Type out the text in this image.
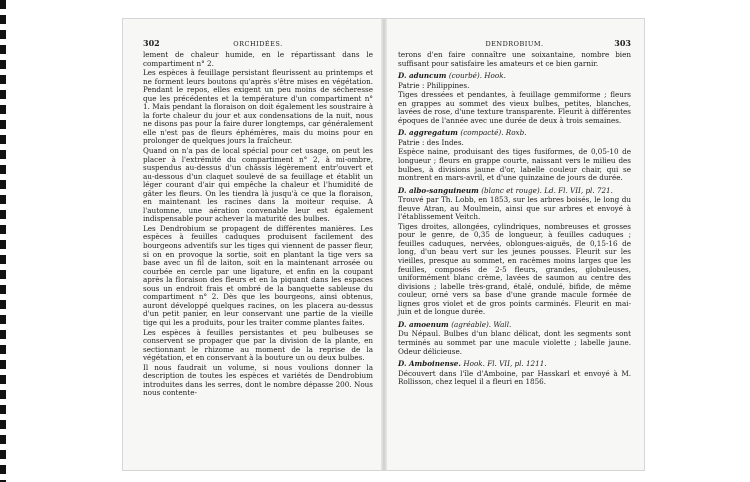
302	ORCHIDÉES.

lement de chaleur humide, en le répartissant dans le compartiment n° 2.

Les espèces à feuillage persistant fleurissent au printemps et ne forment leurs boutons qu'après s'être mises en végétation. Pendant le repos, elles exigent un peu moins de sécheresse que les précédentes et la température d'un compartiment n° 1. Mais pendant la floraison on doit également les soustraire à la forte chaleur du jour et aux condensations de la nuit, nous ne disons pas pour la faire durer longtemps, car généralement elle n'est pas de fleurs éphémères, mais du moins pour en prolonger de quelques jours la fraîcheur.

Quand on n'a pas de local spécial pour cet usage, on peut les placer à l'extrémité du compartiment n° 2, à mi-ombre, suspendus au-dessus d'un châssis légèrement entr'ouvert et au-dessous d'un claquet soulevé de sa feuillage et établit un léger courant d'air qui empêche la chaleur et l'humidité de gâter les fleurs. On les tiendra là jusqu'à ce que la floraison, en maintenant les racines dans la moiteur requise. A l'automne, une aération convenable leur est également indispensable pour achever la maturité des bulbes.

Les Dendrobium se propagent de différentes manières. Les espèces à feuilles caduques produisent facilement des bourgeons adventifs sur les tiges qui viennent de passer fleur, si on en provoque la sortie, soit en plantant la tige vers sa base avec un fil de laiton, soit en la maintenant arrosée ou courbée en cercle par une ligature, et enfin en la coupant après la floraison des fleurs et en la piquant dans les espaces sous un endroit frais et ombré de la banquette sableuse du compartiment n° 2. Dès que les bourgeons, ainsi obtenus, auront développé quelques racines, on les placera au-dessus d'un petit panier, en leur conservant une partie de la vieille tige qui les a produits, pour les traiter comme plantes faites.

Les espèces à feuilles persistantes et peu bulbeuses se conservent se propager que par la division de la plante, en sectionnant le rhizome au moment de la reprise de la végétation, et en conservant à la bouture un ou deux bulbes.

Il nous faudrait un volume, si nous voulions donner la description de toutes les espèces et variétés de Dendrobium introduites dans les serres, dont le nombre dépasse 200. Nous nous contente-

DENDROBIUM.	303

terons d'en faire connaître une soixantaine, nombre bien suffisant pour satisfaire les amateurs et ce bien garnir.

D. aduncum (courbé). Hook.

Patrie : Philippines.

Tiges dressées et pendantes, à feuillage gemmiforme ; fleurs en grappes au sommet des vieux bulbes, petites, blanches, lavées de rose, d'une texture transparente. Fleurit à différentes époques de l'année avec une durée de deux à trois semaines.

D. aggregatum (compacté). Roxb.

Patrie : des Indes.

Espèce naine, produisant des tiges fusiformes, de 0,05-10 de longueur ; fleurs en grappe courte, naissant vers le milieu des bulbes, à divisions jaune d'or, labelle couleur chair, qui se montrent en mars-avril, et d'une quinzaine de jours de durée.

D. albo-sanguineum (blanc et rouge). Ld. Fl. VII, pl. 721.

Trouvé par Th. Lobb, en 1853, sur les arbres boisés, le long du fleuve Atran, au Moulmein, ainsi que sur arbres et envoyé à l'établissement Veitch.

Tiges droites, allongées, cylindriques, nombreuses et grosses pour le genre, de 0,35 de longueur, à feuilles caduques ; feuilles caduques, nervées, oblongues-aiguës, de 0,15-16 de long, d'un beau vert sur les jeunes pousses. Fleurit sur les vieilles, presque au sommet, en racèmes moins larges que les feuilles, composés de 2-5 fleurs, grandes, globuleuses, uniformément blanc crème, lavées de saumon au centre des divisions ; labelle très-grand, étalé, ondulé, bifide, de même couleur, orné vers sa base d'une grande macule formée de lignes gros violet et de gros points carminés. Fleurit en mai-juin et de longue durée.

D. amoenum (agréable). Wall.

Du Népaul. Bulbes d'un blanc délicat, dont les segments sont terminés au sommet par une macule violette ; labelle jaune. Odeur délicieuse.

D. Amboinense. Hook. Fl. VII, pl. 1211.

Découvert dans l'île d'Amboine, par Hasskarl et envoyé à M. Rollisson, chez lequel il a fleuri en 1856.
